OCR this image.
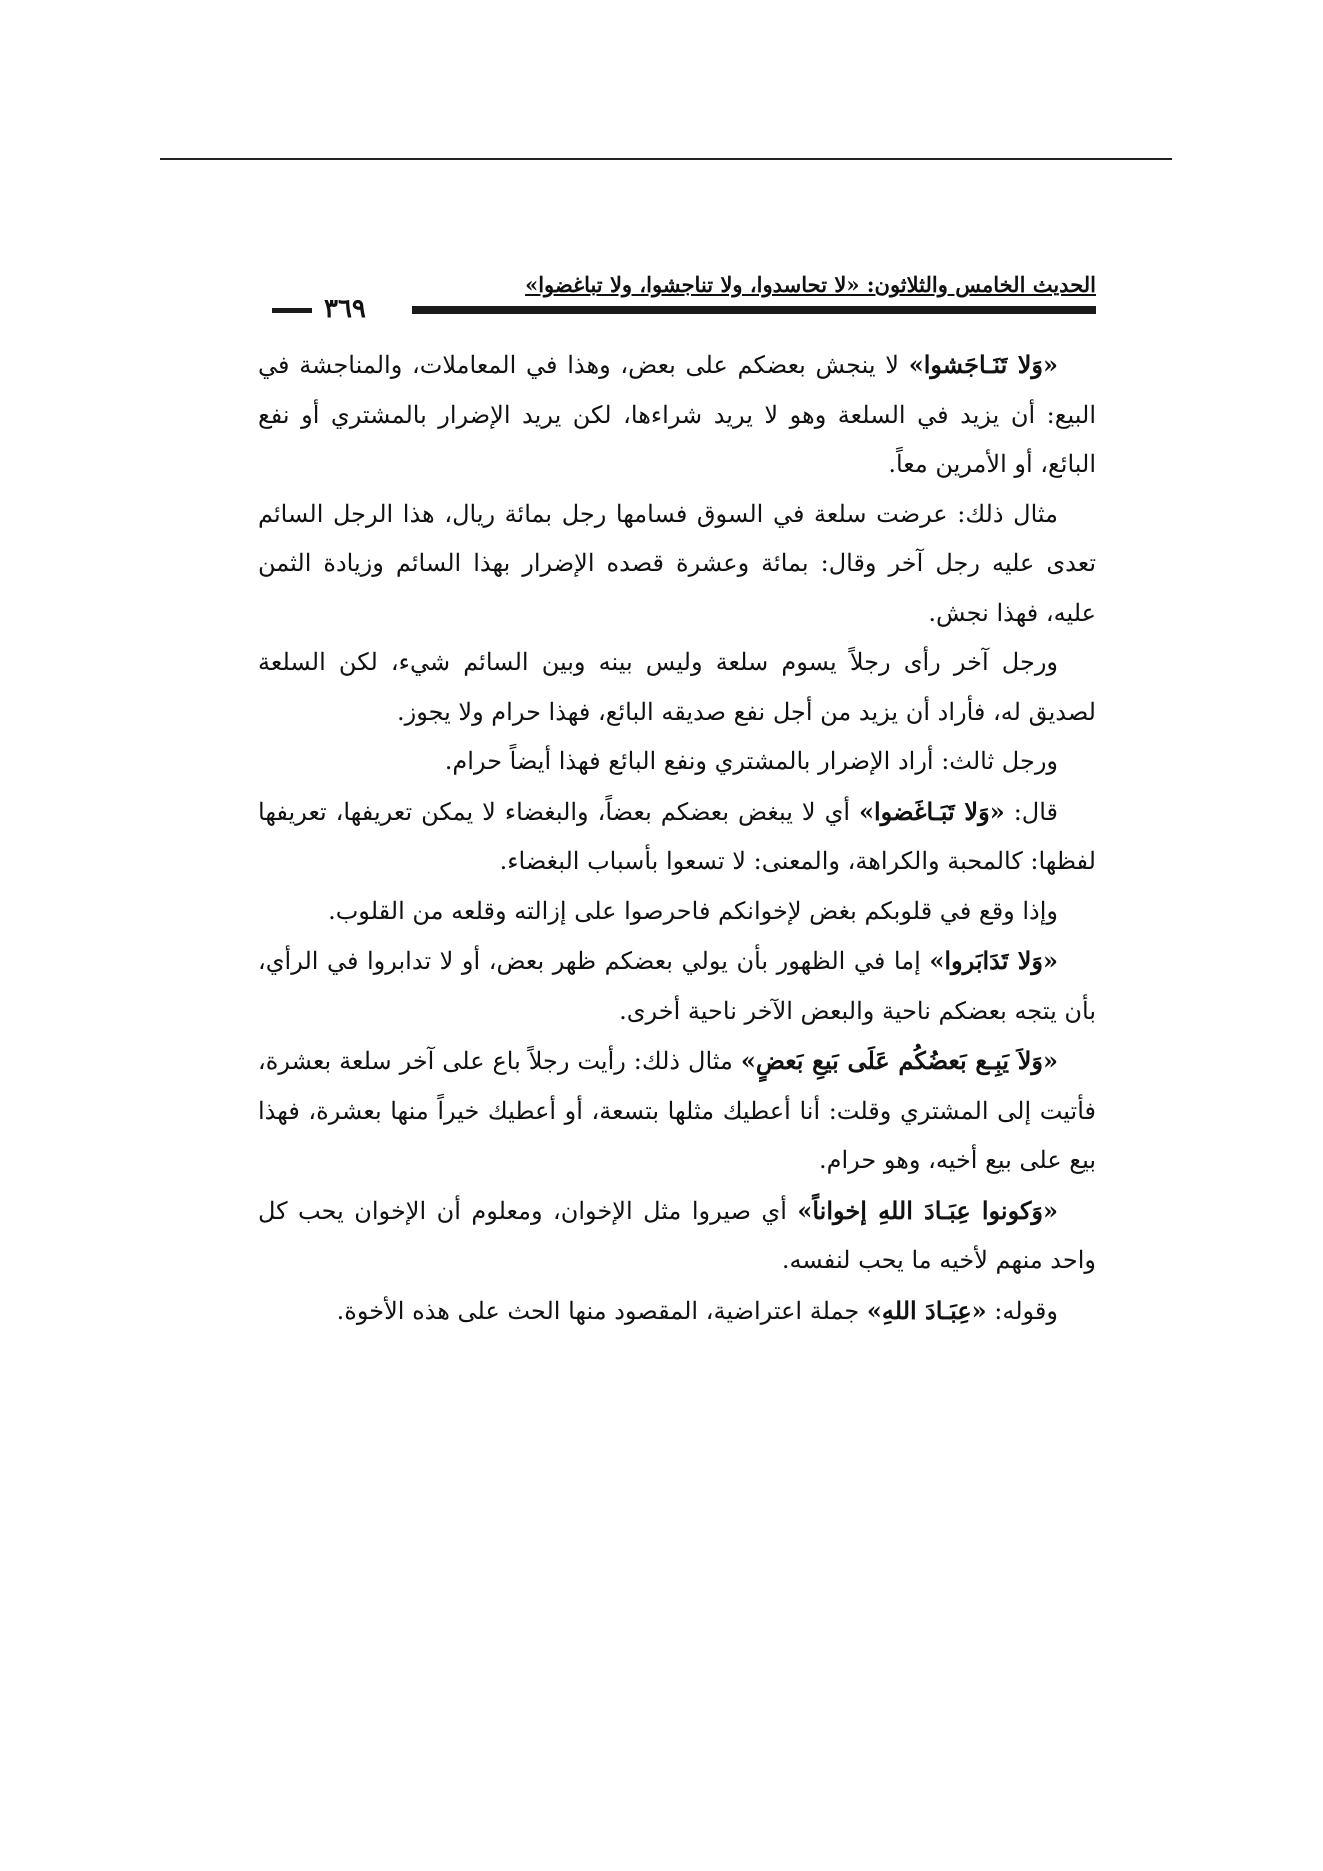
الحديث الخامس والثلاثون: «لا تحاسدوا، ولا تناجشوا، ولا تباغضوا»
٣٦٩

«وَلا تَنَـاجَشوا» لا ينجش بعضكم على بعض، وهذا في المعاملات، والمناجشة في البيع: أن يزيد في السلعة وهو لا يريد شراءها، لكن يريد الإضرار بالمشتري أو نفع البائع، أو الأمرين معاً.

مثال ذلك: عرضت سلعة في السوق فسامها رجل بمائة ريال، هذا الرجل السائم تعدى عليه رجل آخر وقال: بمائة وعشرة قصده الإضرار بهذا السائم وزيادة الثمن عليه، فهذا نجش.

ورجل آخر رأى رجلاً يسوم سلعة وليس بينه وبين السائم شيء، لكن السلعة لصديق له، فأراد أن يزيد من أجل نفع صديقه البائع، فهذا حرام ولا يجوز.

ورجل ثالث: أراد الإضرار بالمشتري ونفع البائع فهذا أيضاً حرام.

قال: «وَلا تَبَـاغَضوا» أي لا يبغض بعضكم بعضاً، والبغضاء لا يمكن تعريفها، تعريفها لفظها: كالمحبة والكراهة، والمعنى: لا تسعوا بأسباب البغضاء.

وإذا وقع في قلوبكم بغض لإخوانكم فاحرصوا على إزالته وقلعه من القلوب.

«وَلا تَدَابَروا» إما في الظهور بأن يولي بعضكم ظهر بعض، أو لا تدابروا في الرأي، بأن يتجه بعضكم ناحية والبعض الآخر ناحية أخرى.

«وَلاَ يَبِـع بَعضُكُم عَلَى بَيعِ بَعضٍ» مثال ذلك: رأيت رجلاً باع على آخر سلعة بعشرة، فأتيت إلى المشتري وقلت: أنا أعطيك مثلها بتسعة، أو أعطيك خيراً منها بعشرة، فهذا بيع على بيع أخيه، وهو حرام.

«وَكونوا عِبَـادَ اللهِ إخواناً» أي صيروا مثل الإخوان، ومعلوم أن الإخوان يحب كل واحد منهم لأخيه ما يحب لنفسه.

وقوله: «عِبَـادَ اللهِ» جملة اعتراضية، المقصود منها الحث على هذه الأخوة.
